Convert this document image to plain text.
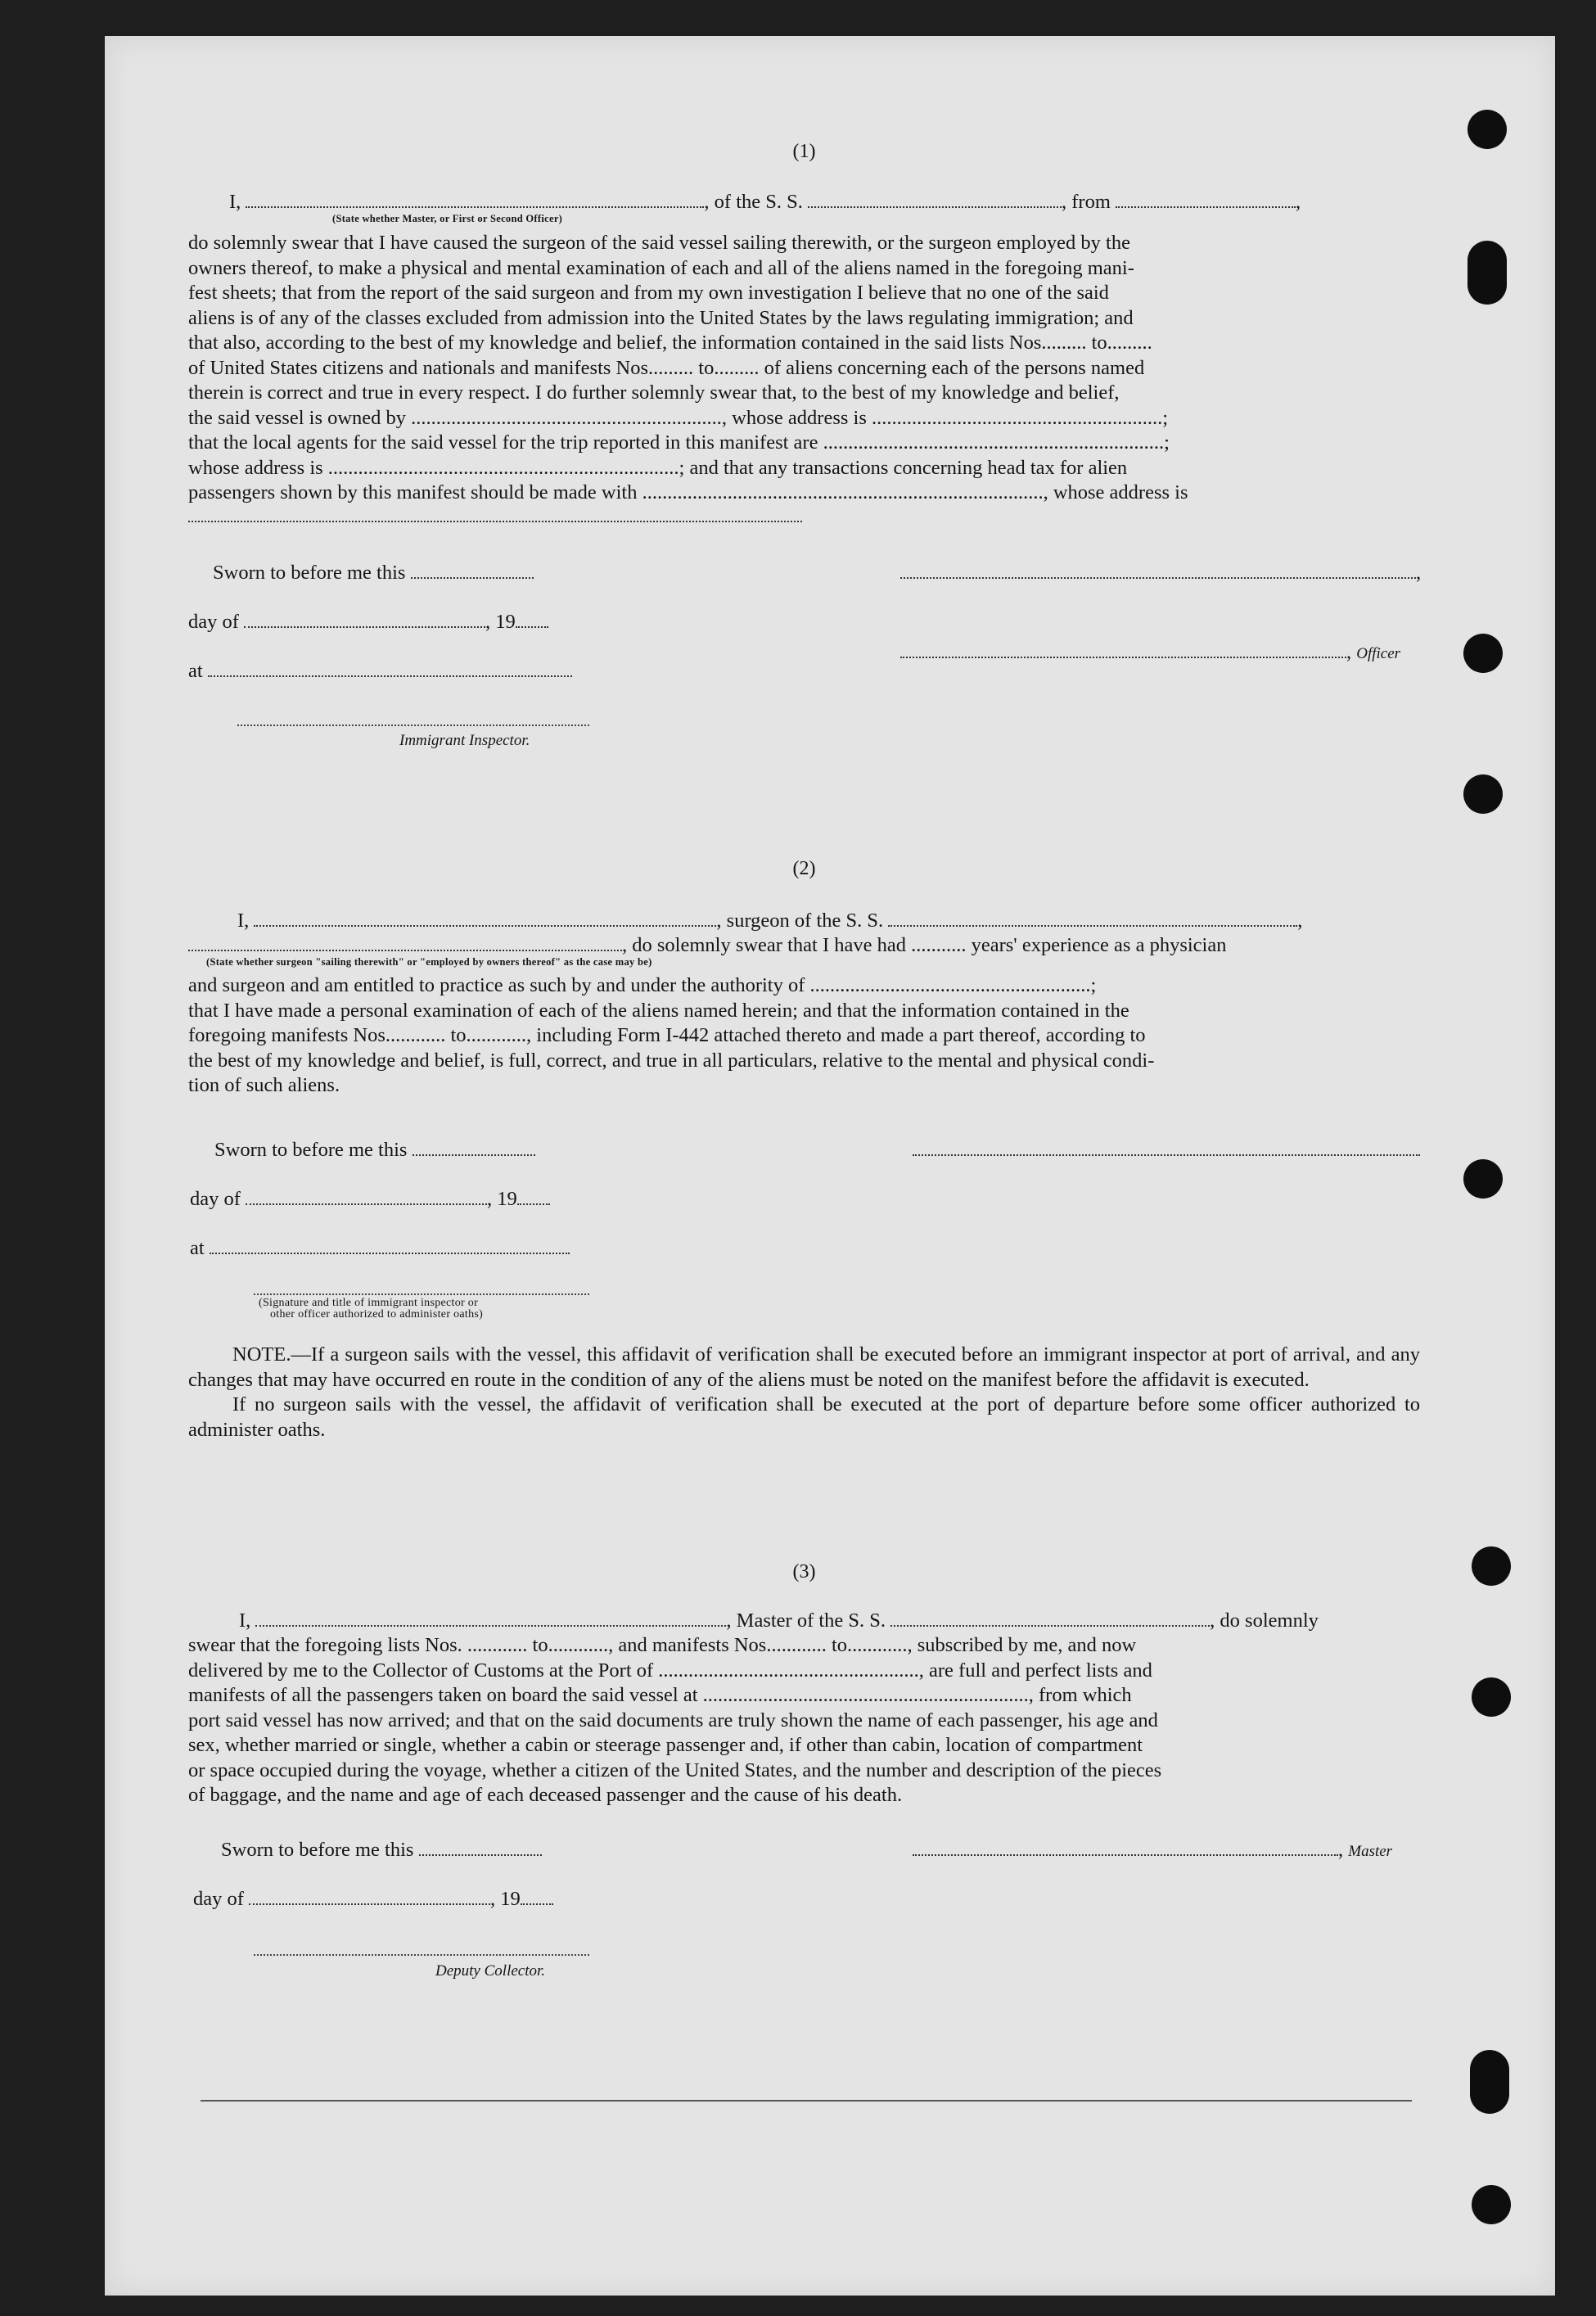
(1)

I,	, of the S. S.	, from	,
(State whether Master, or First or Second Officer)
do solemnly swear that I have caused the surgeon of the said vessel sailing therewith, or the surgeon employed by the
owners thereof, to make a physical and mental examination of each and all of the aliens named in the foregoing mani-
fest sheets; that from the report of the said surgeon and from my own investigation I believe that no one of the said
aliens is of any of the classes excluded from admission into the United States by the laws regulating immigration; and
that also, according to the best of my knowledge and belief, the information contained in the said lists Nos......... to.........
of United States citizens and nationals and manifests Nos......... to......... of aliens concerning each of the persons named
therein is correct and true in every respect. I do further solemnly swear that, to the best of my knowledge and belief,
the said vessel is owned by .............................................................., whose address is ..........................................................;
that the local agents for the said vessel for the trip reported in this manifest are ....................................................................;
whose address is ......................................................................; and that any transactions concerning head tax for alien
passengers shown by this manifest should be made with ................................................................................, whose address is
Sworn to before me this
day of	, 19
at
Immigrant Inspector.
,
, Officer

(2)

I,	, surgeon of the S. S.	,
, do solemnly swear that I have had ........... years' experience as a physician
(State whether surgeon "sailing therewith" or "employed by owners thereof" as the case may be)
and surgeon and am entitled to practice as such by and under the authority of ........................................................;
that I have made a personal examination of each of the aliens named herein; and that the information contained in the
foregoing manifests Nos............ to............, including Form I-442 attached thereto and made a part thereof, according to
the best of my knowledge and belief, is full, correct, and true in all particulars, relative to the mental and physical condi-
tion of such aliens.
Sworn to before me this
day of	, 19
at
(Signature and title of immigrant inspector or
other officer authorized to administer oaths)

NOTE.—If a surgeon sails with the vessel, this affidavit of verification shall be executed before an immigrant inspector at port of arrival, and any changes that may have occurred en route in the condition of any of the aliens must be noted on the manifest before the affidavit is executed.

If no surgeon sails with the vessel, the affidavit of verification shall be executed at the port of departure before some officer authorized to administer oaths.

(3)

I,	, Master of the S. S.	, do solemnly
swear that the foregoing lists Nos. ............ to............, and manifests Nos............ to............, subscribed by me, and now
delivered by me to the Collector of Customs at the Port of ...................................................., are full and perfect lists and
manifests of all the passengers taken on board the said vessel at ................................................................., from which
port said vessel has now arrived; and that on the said documents are truly shown the name of each passenger, his age and
sex, whether married or single, whether a cabin or steerage passenger and, if other than cabin, location of compartment
or space occupied during the voyage, whether a citizen of the United States, and the number and description of the pieces
of baggage, and the name and age of each deceased passenger and the cause of his death.
Sworn to before me this
day of	, 19
Deputy Collector.
, Master
